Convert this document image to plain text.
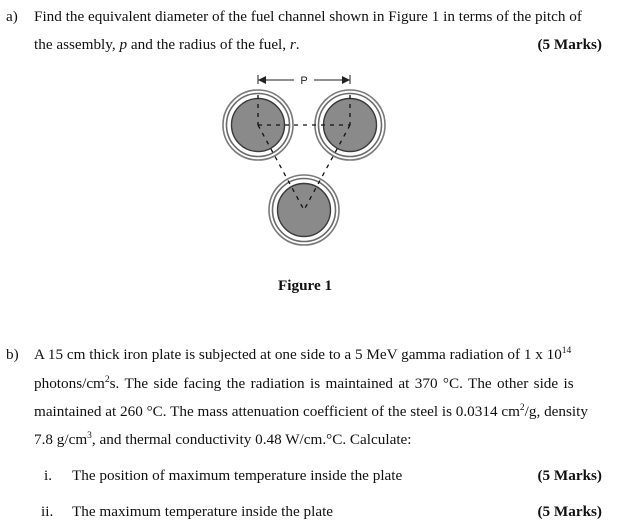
a) Find the equivalent diameter of the fuel channel shown in Figure 1 in terms of the pitch of
the assembly, p and the radius of the fuel, r.	(5 Marks)
P
Figure 1
b) A 15 cm thick iron plate is subjected at one side to a 5 MeV gamma radiation of 1 x $10^{14}$
photons/$cm^2s$. The side facing the radiation is maintained at 370 °C. The other side is
maintained at 260 °C. The mass attenuation coefficient of the steel is 0.0314 $cm^2/g$, density
7.8 $g/cm^3$, and thermal conductivity 0.48 W/cm.°C. Calculate:
i. The position of maximum temperature inside the plate	(5 Marks)
ii. The maximum temperature inside the plate	(5 Marks)
